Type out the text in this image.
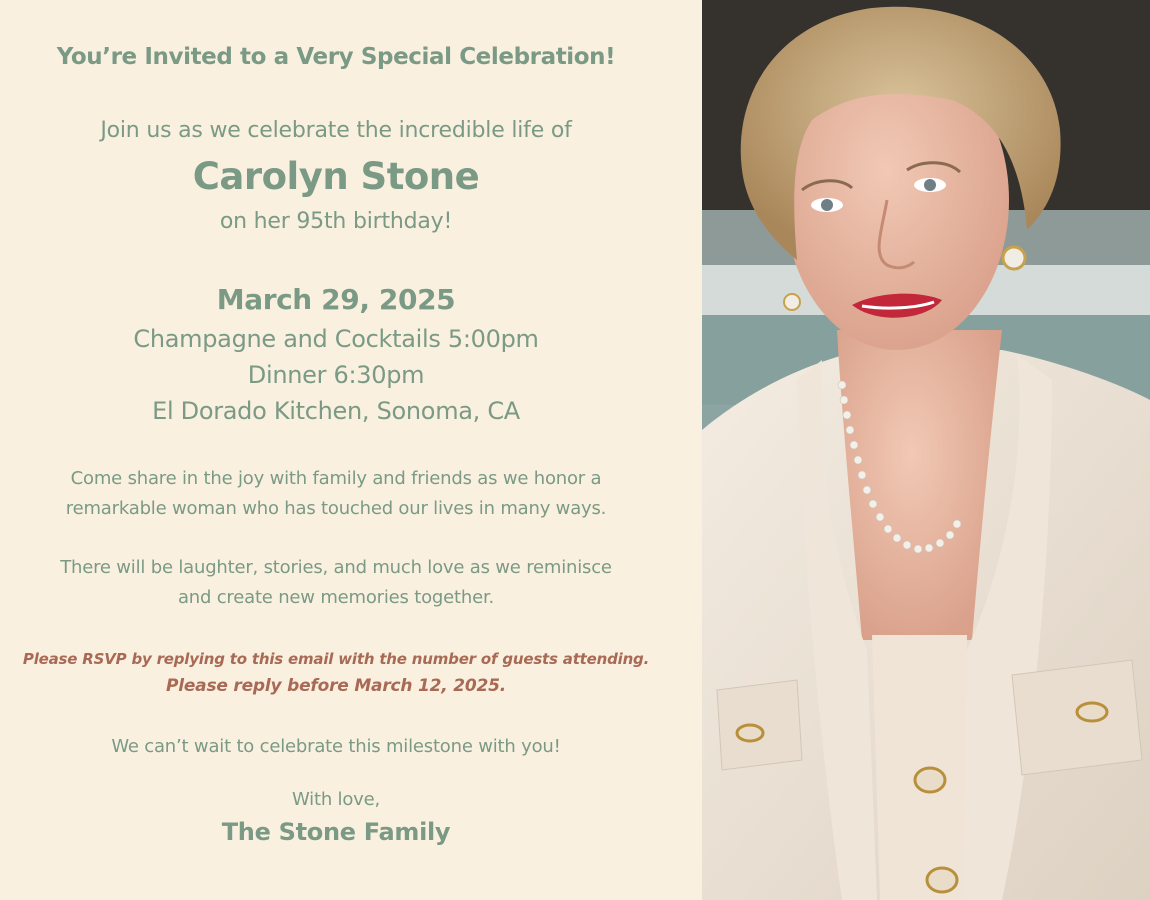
You’re Invited to a Very Special Celebration!
Join us as we celebrate the incredible life of
Carolyn Stone
on her 95th birthday!
March 29, 2025
Champagne and Cocktails 5:00pm
Dinner 6:30pm
El Dorado Kitchen, Sonoma, CA
Come share in the joy with family and friends as we honor a
remarkable woman who has touched our lives in many ways.
There will be laughter, stories, and much love as we reminisce
and create new memories together.
Please RSVP by replying to this email with the number of guests attending.
Please reply before March 12, 2025.
We can’t wait to celebrate this milestone with you!
With love,
The Stone Family
